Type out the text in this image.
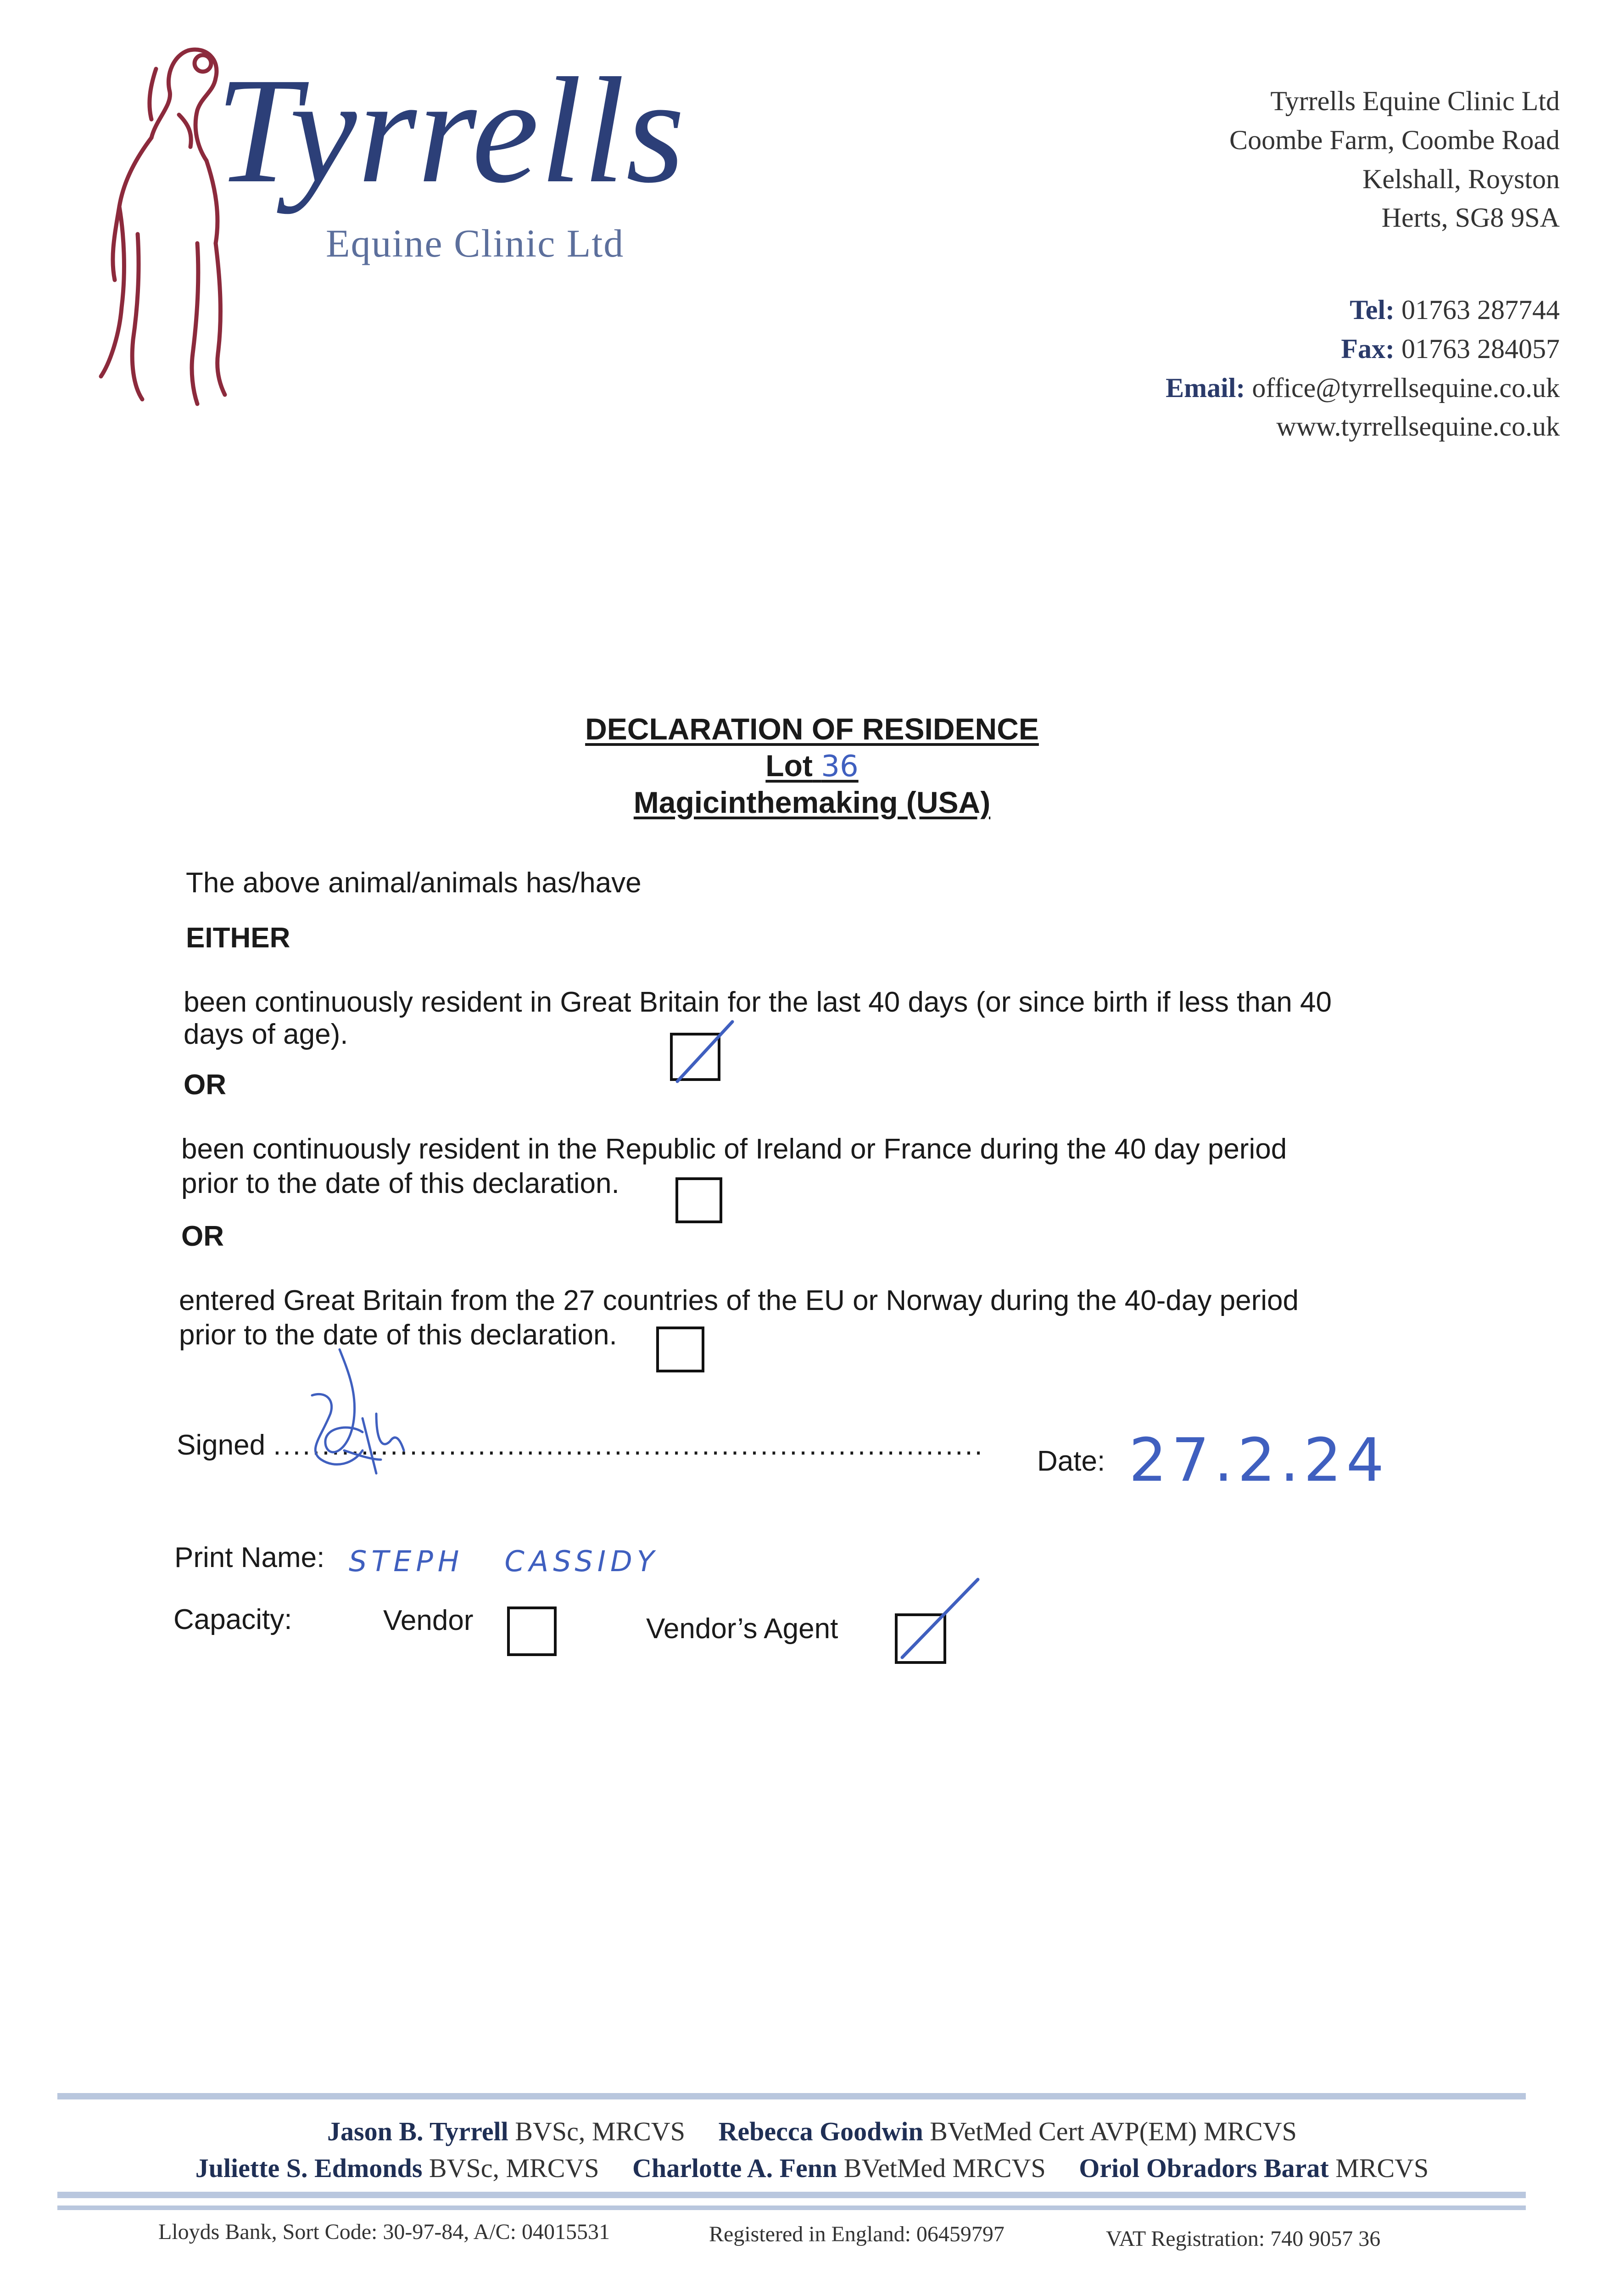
Tyrrells
Equine Clinic Ltd
Tyrrells Equine Clinic Ltd
Coombe Farm, Coombe Road
Kelshall, Royston
Herts, SG8 9SA
Tel: 01763 287744
Fax: 01763 284057
Email: office@tyrrellsequine.co.uk
www.tyrrellsequine.co.uk
DECLARATION OF RESIDENCE
Lot 36
Magicinthemaking (USA)
The above animal/animals has/have
EITHER
been continuously resident in Great Britain for the last 40 days (or since birth if less than 40
days of age).
OR
been continuously resident in the Republic of Ireland or France during the 40 day period
prior to the date of this declaration.
OR
entered Great Britain from the 27 countries of the EU or Norway during the 40-day period
prior to the date of this declaration.
Signed .........................................................................
Date: 27.2.24
Print Name: STEPH   CASSIDY
Capacity:	Vendor	Vendor’s Agent
Jason B. Tyrrell BVSc, MRCVS Rebecca Goodwin BVetMed Cert AVP(EM) MRCVS
Juliette S. Edmonds BVSc, MRCVS Charlotte A. Fenn BVetMed MRCVS Oriol Obradors Barat MRCVS
Lloyds Bank, Sort Code: 30-97-84, A/C: 04015531	Registered in England: 06459797	VAT Registration: 740 9057 36
